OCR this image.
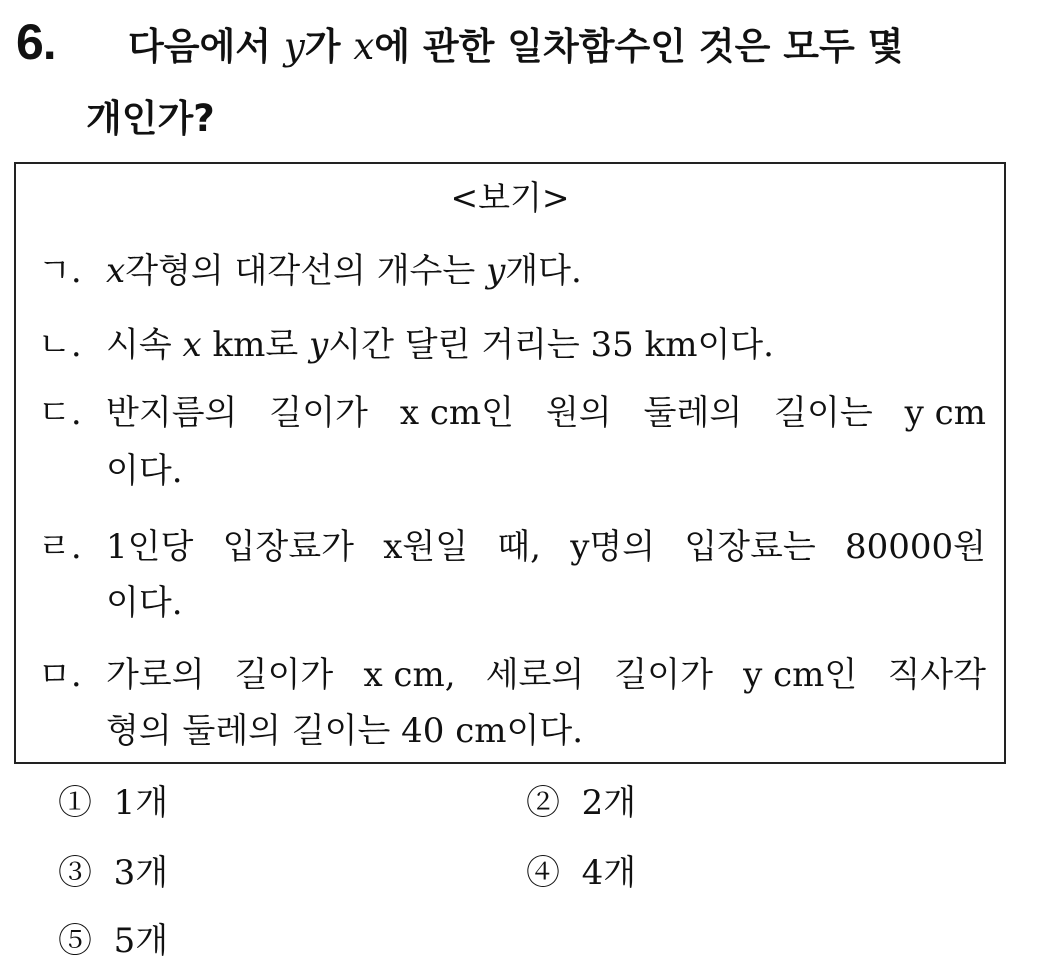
6. 다음에서 y가 x에 관한 일차함수인 것은 모두 몇
개인가?
<보기>
ㄱ. x각형의 대각선의 개수는 y개다.
ㄴ. 시속 x km로 y시간 달린 거리는 35 km이다.
ㄷ. 반지름의 길이가 x cm인 원의 둘레의 길이는 y cm
이다.
ㄹ. 1인당 입장료가 x원일 때, y명의 입장료는 80000원
이다.
ㅁ. 가로의 길이가 x cm, 세로의 길이가 y cm인 직사각
형의 둘레의 길이는 40 cm이다.
① 1개	② 2개
③ 3개	④ 4개
⑤ 5개
